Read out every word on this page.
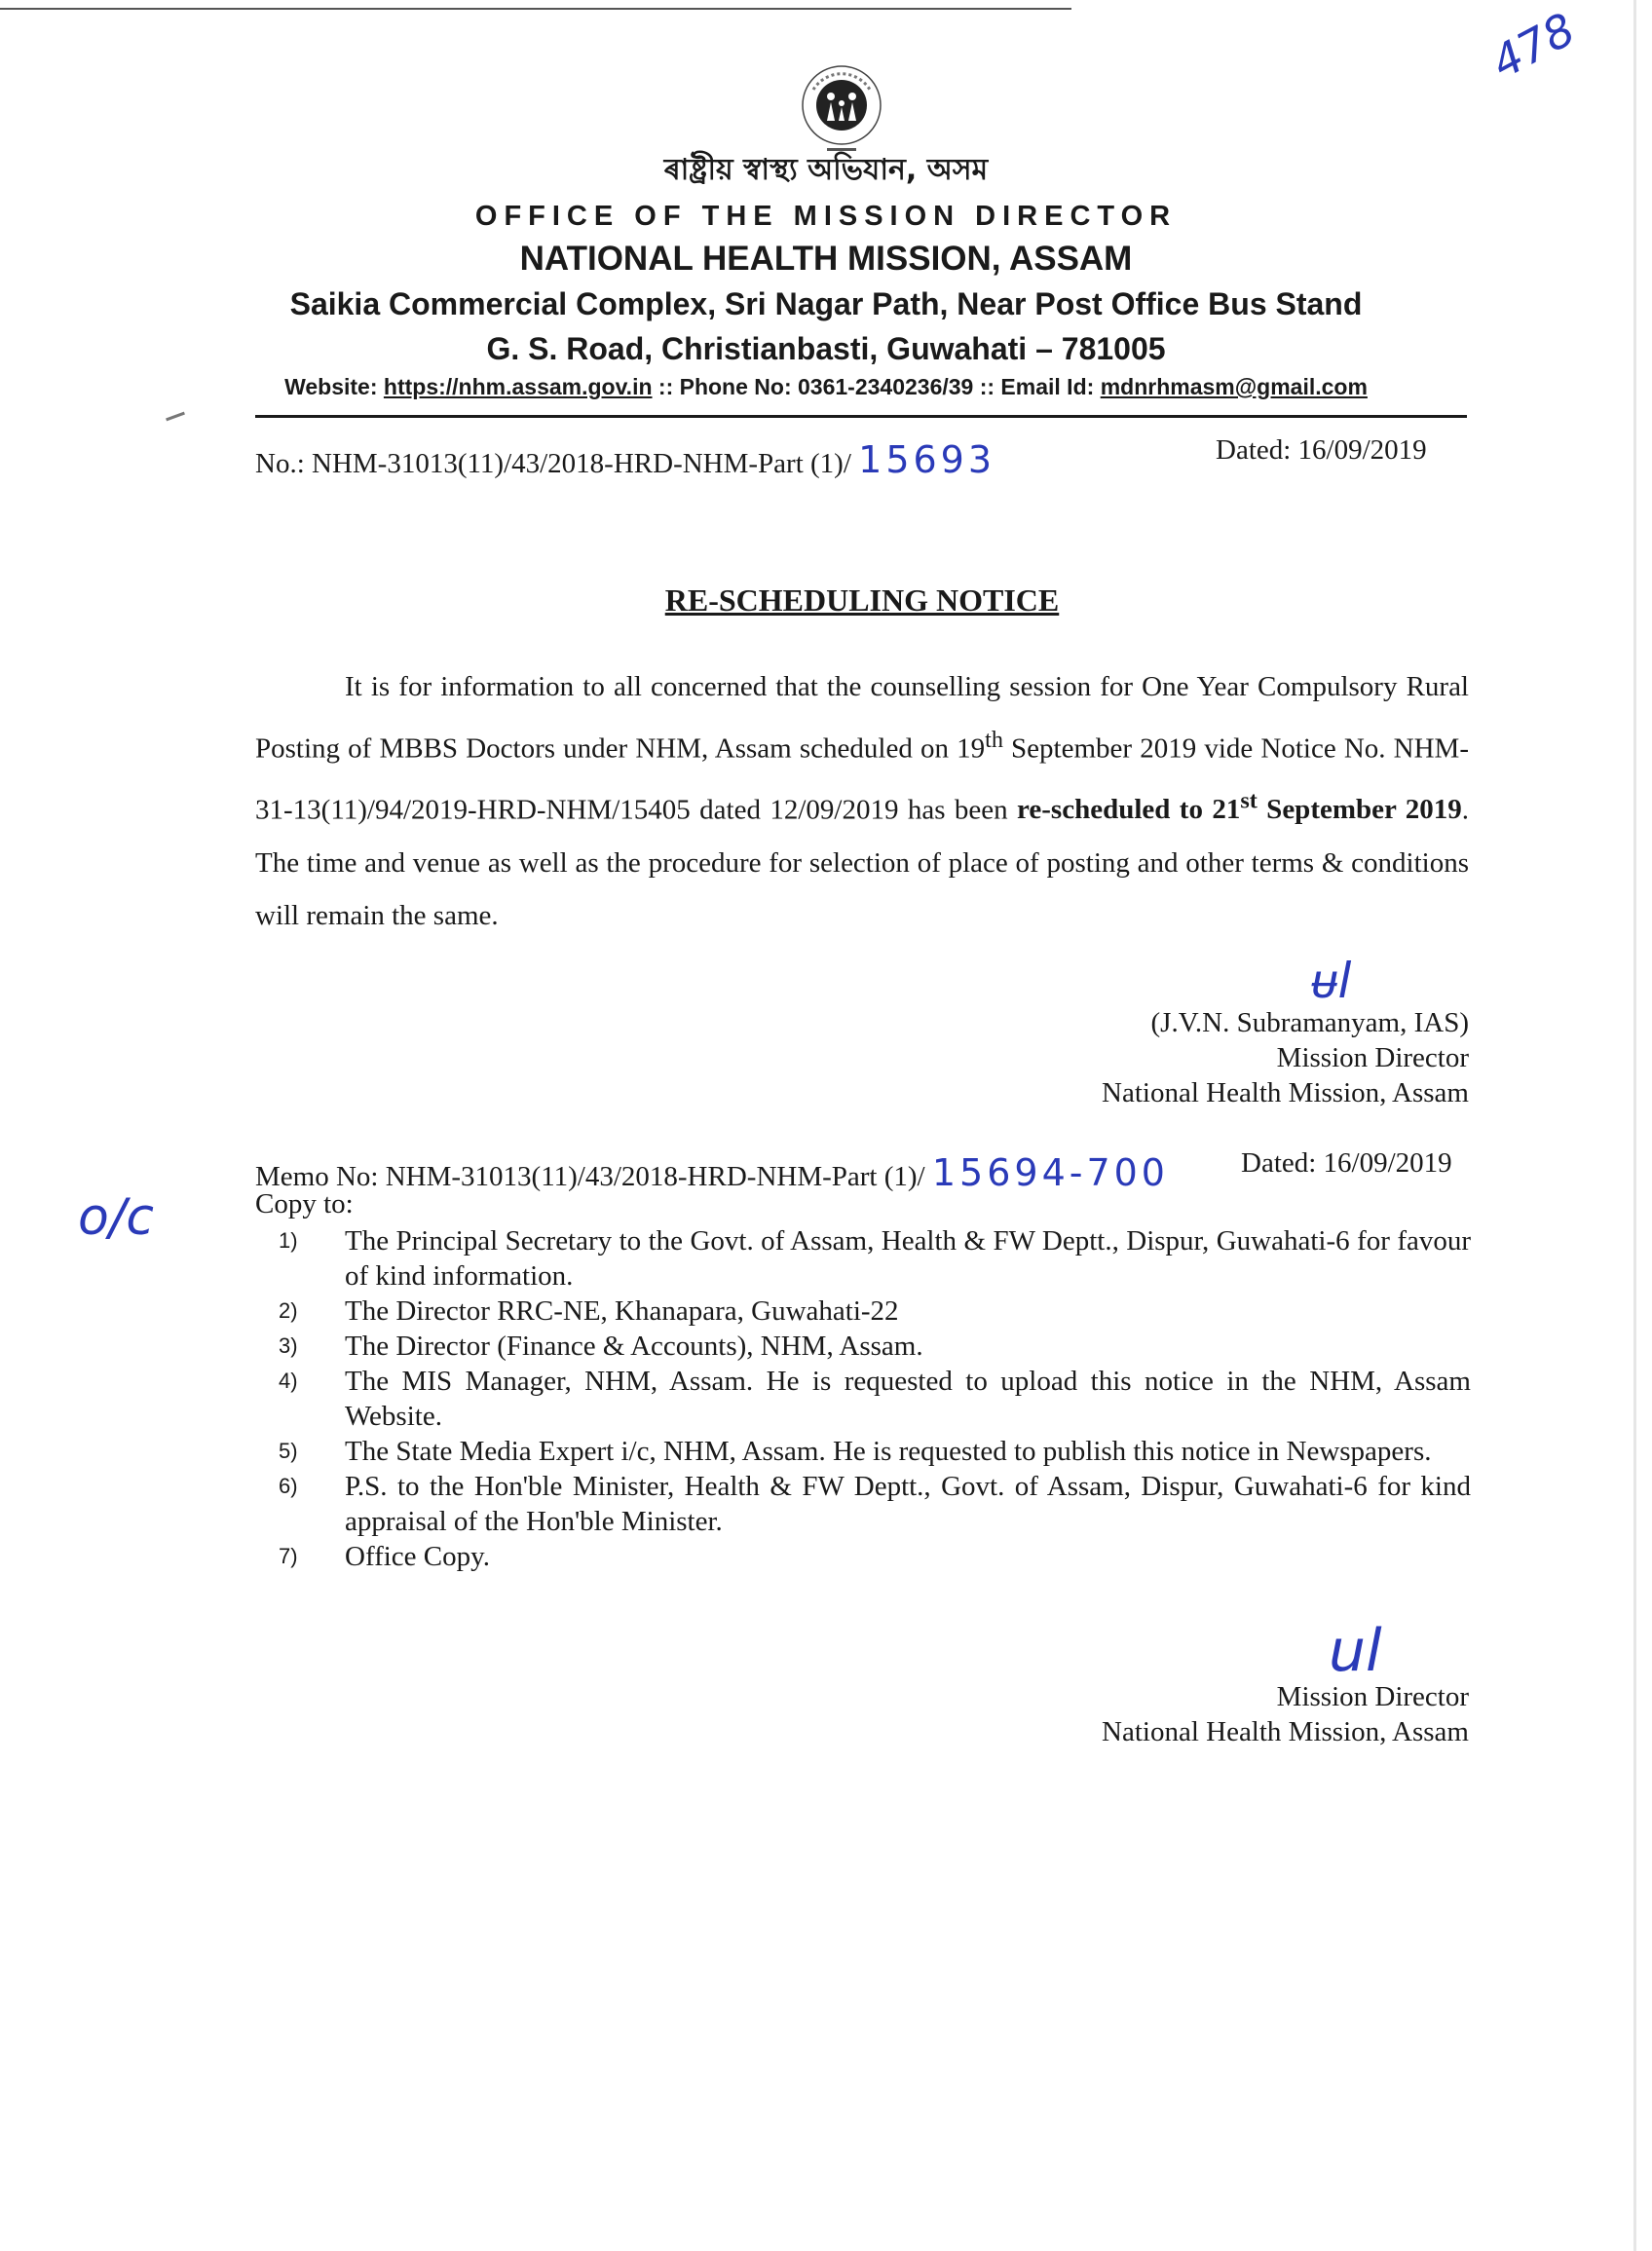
478
ৰাষ্ট্ৰীয় স্বাস্থ্য অভিযান, অসম
OFFICE OF THE MISSION DIRECTOR
NATIONAL HEALTH MISSION, ASSAM
Saikia Commercial Complex, Sri Nagar Path, Near Post Office Bus Stand
G. S. Road, Christianbasti, Guwahati – 781005
Website: https://nhm.assam.gov.in :: Phone No: 0361-2340236/39 :: Email Id: mdnrhmasm@gmail.com
No.: NHM-31013(11)/43/2018-HRD-NHM-Part (1)/ 15693	Dated: 16/09/2019
RE-SCHEDULING NOTICE
It is for information to all concerned that the counselling session for One Year Compulsory Rural Posting of MBBS Doctors under NHM, Assam scheduled on 19th September 2019 vide Notice No. NHM-31-13(11)/94/2019-HRD-NHM/15405 dated 12/09/2019 has been re-scheduled to 21st September 2019. The time and venue as well as the procedure for selection of place of posting and other terms & conditions will remain the same.
ᵾl
(J.V.N. Subramanyam, IAS)
Mission Director
National Health Mission, Assam
Memo No: NHM-31013(11)/43/2018-HRD-NHM-Part (1)/ 15694-700	Dated: 16/09/2019
Copy to:
o/c	1) The Principal Secretary to the Govt. of Assam, Health & FW Deptt., Dispur, Guwahati-6 for favour of kind information.
2) The Director RRC-NE, Khanapara, Guwahati-22
3) The Director (Finance & Accounts), NHM, Assam.
4) The MIS Manager, NHM, Assam. He is requested to upload this notice in the NHM, Assam Website.
5) The State Media Expert i/c, NHM, Assam. He is requested to publish this notice in Newspapers.
6) P.S. to the Hon'ble Minister, Health & FW Deptt., Govt. of Assam, Dispur, Guwahati-6 for kind appraisal of the Hon'ble Minister.
7) Office Copy.
ul
Mission Director
National Health Mission, Assam
